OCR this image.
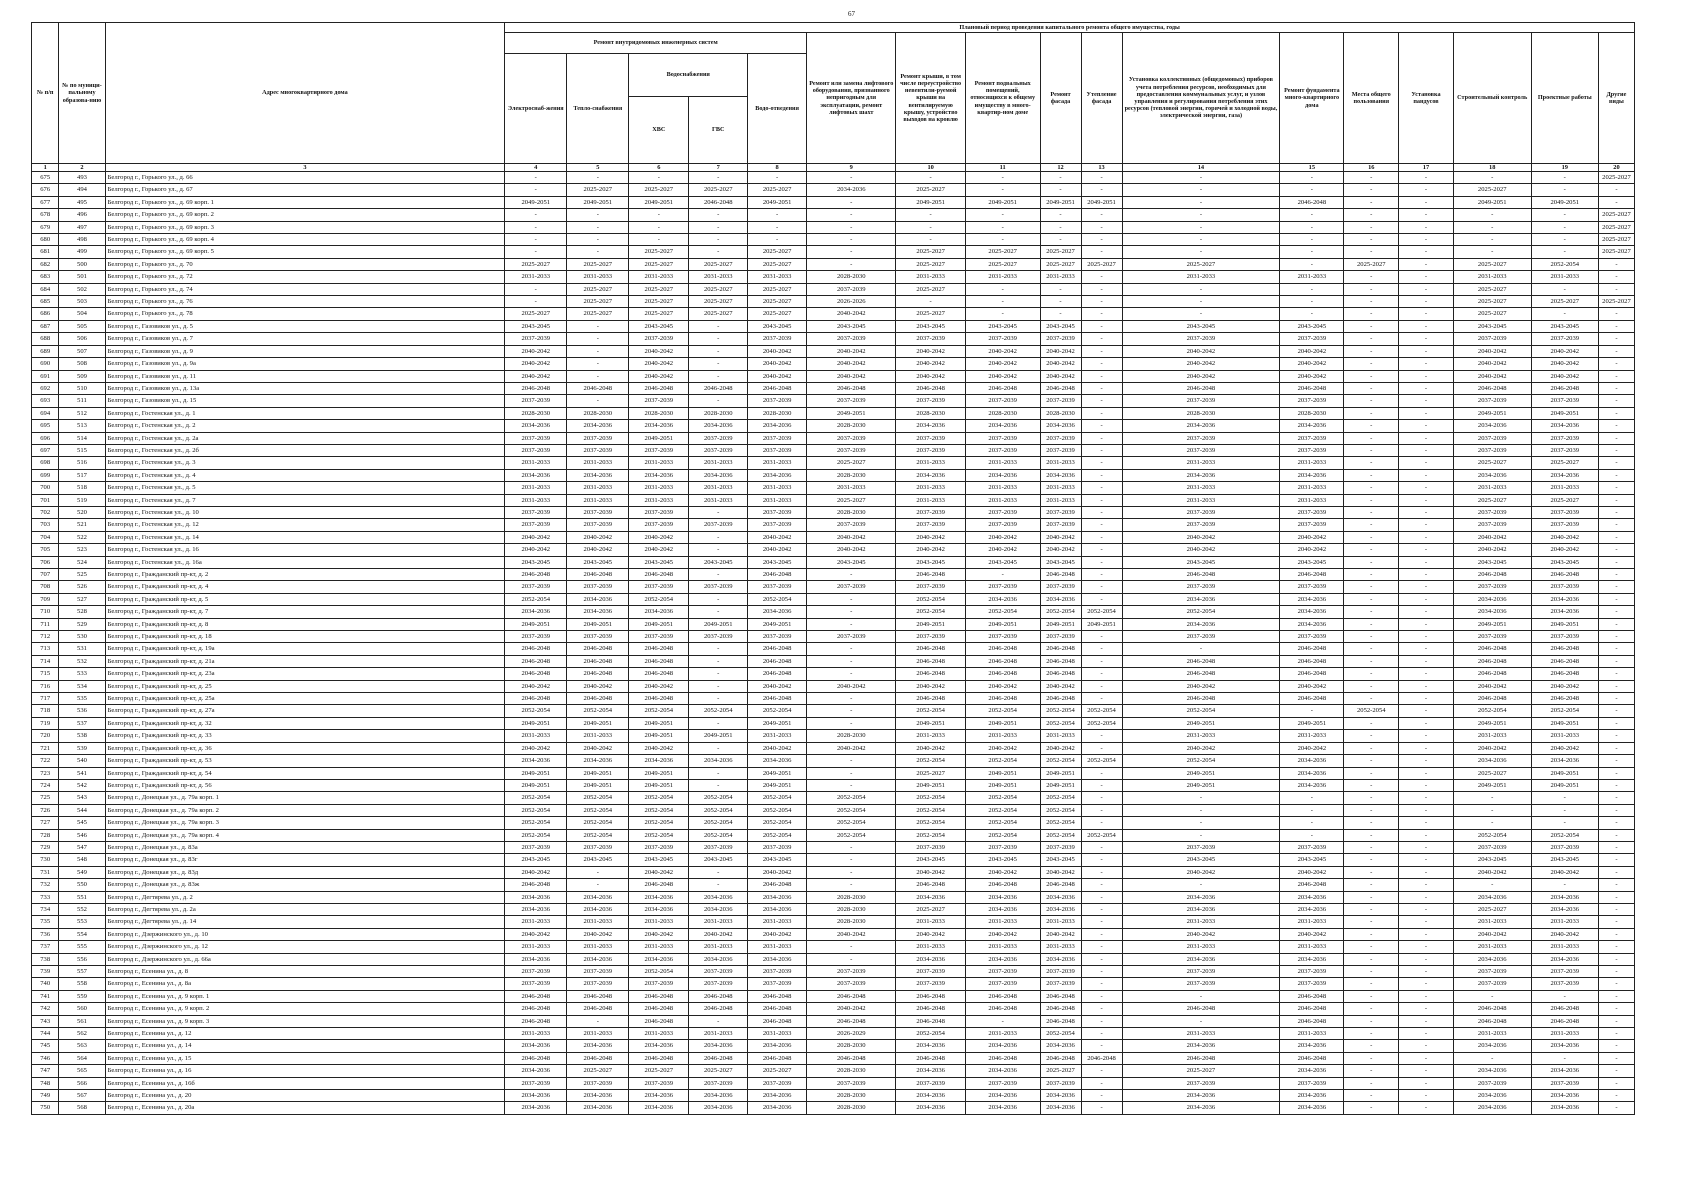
67
№ п/п	№ по муници-пальному образова-нию	Адрес многоквартирного дома	Плановый период проведения капитального ремонта общего имущества, годы																
			Ремонт внутридомовых инженерных систем					Ремонт или замена лифтового оборудования, признанного непригодным для эксплуатации, ремонт лифтовых шахт	Ремонт крыши, в том числе переустройство невентили-руемой крыши на вентилируемую крышу, устройство выходов на кровлю	Ремонт подвальных помещений, относящихся к общему имуществу в много-квартир-ном доме	Ремонт фасада	Утепление фасада	Установка коллективных (общедомовых) приборов учета потребления ресурсов, необходимых для предоставления коммунальных услуг, и узлов управления и регулирования потребления этих ресурсов (тепловой энергии, горячей и холодной воды, электрической энергии, газа)	Ремонт фундамента много-квартирного дома	Места общего пользования	Установка пандусов	Строительный контроль	Проектные работы	Другие виды
			Электроснаб-жения	Тепло-снабжения	Водоснабжения		Водо-отведения												
					ХВС	ГВС													
1	2	3	4	5	6	7	8	9	10	11	12	13	14	15	16	17	18	19	20
675	493	Белгород г., Горького ул., д. 66	-	-	-	-	-	-	-	-	-	-	-	-	-	-	-	-	2025-2027
676	494	Белгород г., Горького ул., д. 67	-	2025-2027	2025-2027	2025-2027	2025-2027	2034-2036	2025-2027	-	-	-	-	-	-	-	2025-2027	-	-
677	495	Белгород г., Горького ул., д. 69 корп. 1	2049-2051	2049-2051	2049-2051	2046-2048	2049-2051	-	2049-2051	2049-2051	2049-2051	2049-2051	-	2046-2048	-	-	2049-2051	2049-2051	-
678	496	Белгород г., Горького ул., д. 69 корп. 2	-	-	-	-	-	-	-	-	-	-	-	-	-	-	-	-	2025-2027
679	497	Белгород г., Горького ул., д. 69 корп. 3	-	-	-	-	-	-	-	-	-	-	-	-	-	-	-	-	2025-2027
680	498	Белгород г., Горького ул., д. 69 корп. 4	-	-	-	-	-	-	-	-	-	-	-	-	-	-	-	-	2025-2027
681	499	Белгород г., Горького ул., д. 69 корп. 5	-	-	2025-2027	-	2025-2027	-	2025-2027	2025-2027	2025-2027	-	-	-	-	-	-	-	2025-2027
682	500	Белгород г., Горького ул., д. 70	2025-2027	2025-2027	2025-2027	2025-2027	2025-2027	-	2025-2027	2025-2027	2025-2027	2025-2027	2025-2027	-	2025-2027	-	2025-2027	2052-2054	-
683	501	Белгород г., Горького ул., д. 72	2031-2033	2031-2033	2031-2033	2031-2033	2031-2033	2028-2030	2031-2033	2031-2033	2031-2033	-	2031-2033	2031-2033	-	-	2031-2033	2031-2033	-
684	502	Белгород г., Горького ул., д. 74	-	2025-2027	2025-2027	2025-2027	2025-2027	2037-2039	2025-2027	-	-	-	-	-	-	-	2025-2027	-	-
685	503	Белгород г., Горького ул., д. 76	-	2025-2027	2025-2027	2025-2027	2025-2027	2026-2026	-	-	-	-	-	-	-	-	2025-2027	2025-2027	2025-2027
686	504	Белгород г., Горького ул., д. 78	2025-2027	2025-2027	2025-2027	2025-2027	2025-2027	2040-2042	2025-2027	-	-	-	-	-	-	-	2025-2027	-	-
687	505	Белгород г., Газовиков ул., д. 5	2043-2045	-	2043-2045	-	2043-2045	2043-2045	2043-2045	2043-2045	2043-2045	-	2043-2045	2043-2045	-	-	2043-2045	2043-2045	-
688	506	Белгород г., Газовиков ул., д. 7	2037-2039	-	2037-2039	-	2037-2039	2037-2039	2037-2039	2037-2039	2037-2039	-	2037-2039	2037-2039	-	-	2037-2039	2037-2039	-
689	507	Белгород г., Газовиков ул., д. 9	2040-2042	-	2040-2042	-	2040-2042	2040-2042	2040-2042	2040-2042	2040-2042	-	2040-2042	2040-2042	-	-	2040-2042	2040-2042	-
690	508	Белгород г., Газовиков ул., д. 9а	2040-2042	-	2040-2042	-	2040-2042	2040-2042	2040-2042	2040-2042	2040-2042	-	2040-2042	2040-2042	-	-	2040-2042	2040-2042	-
691	509	Белгород г., Газовиков ул., д. 11	2040-2042	-	2040-2042	-	2040-2042	2040-2042	2040-2042	2040-2042	2040-2042	-	2040-2042	2040-2042	-	-	2040-2042	2040-2042	-
692	510	Белгород г., Газовиков ул., д. 13а	2046-2048	2046-2048	2046-2048	2046-2048	2046-2048	2046-2048	2046-2048	2046-2048	2046-2048	-	2046-2048	2046-2048	-	-	2046-2048	2046-2048	-
693	511	Белгород г., Газовиков ул., д. 15	2037-2039	-	2037-2039	-	2037-2039	2037-2039	2037-2039	2037-2039	2037-2039	-	2037-2039	2037-2039	-	-	2037-2039	2037-2039	-
694	512	Белгород г., Гостенская ул., д. 1	2028-2030	2028-2030	2028-2030	2028-2030	2028-2030	2049-2051	2028-2030	2028-2030	2028-2030	-	2028-2030	2028-2030	-	-	2049-2051	2049-2051	-
695	513	Белгород г., Гостенская ул., д. 2	2034-2036	2034-2036	2034-2036	2034-2036	2034-2036	2028-2030	2034-2036	2034-2036	2034-2036	-	2034-2036	2034-2036	-	-	2034-2036	2034-2036	-
696	514	Белгород г., Гостенская ул., д. 2а	2037-2039	2037-2039	2049-2051	2037-2039	2037-2039	2037-2039	2037-2039	2037-2039	2037-2039	-	2037-2039	2037-2039	-	-	2037-2039	2037-2039	-
697	515	Белгород г., Гостенская ул., д. 2б	2037-2039	2037-2039	2037-2039	2037-2039	2037-2039	2037-2039	2037-2039	2037-2039	2037-2039	-	2037-2039	2037-2039	-	-	2037-2039	2037-2039	-
698	516	Белгород г., Гостенская ул., д. 3	2031-2033	2031-2033	2031-2033	2031-2033	2031-2033	2025-2027	2031-2033	2031-2033	2031-2033	-	2031-2033	2031-2033	-	-	2025-2027	2025-2027	-
699	517	Белгород г., Гостенская ул., д. 4	2034-2036	2034-2036	2034-2036	2034-2036	2034-2036	2028-2030	2034-2036	2034-2036	2034-2036	-	2034-2036	2034-2036	-	-	2034-2036	2034-2036	-
700	518	Белгород г., Гостенская ул., д. 5	2031-2033	2031-2033	2031-2033	2031-2033	2031-2033	2031-2033	2031-2033	2031-2033	2031-2033	-	2031-2033	2031-2033	-	-	2031-2033	2031-2033	-
701	519	Белгород г., Гостенская ул., д. 7	2031-2033	2031-2033	2031-2033	2031-2033	2031-2033	2025-2027	2031-2033	2031-2033	2031-2033	-	2031-2033	2031-2033	-	-	2025-2027	2025-2027	-
702	520	Белгород г., Гостенская ул., д. 10	2037-2039	2037-2039	2037-2039	-	2037-2039	2028-2030	2037-2039	2037-2039	2037-2039	-	2037-2039	2037-2039	-	-	2037-2039	2037-2039	-
703	521	Белгород г., Гостенская ул., д. 12	2037-2039	2037-2039	2037-2039	2037-2039	2037-2039	2037-2039	2037-2039	2037-2039	2037-2039	-	2037-2039	2037-2039	-	-	2037-2039	2037-2039	-
704	522	Белгород г., Гостенская ул., д. 14	2040-2042	2040-2042	2040-2042	-	2040-2042	2040-2042	2040-2042	2040-2042	2040-2042	-	2040-2042	2040-2042	-	-	2040-2042	2040-2042	-
705	523	Белгород г., Гостенская ул., д. 16	2040-2042	2040-2042	2040-2042	-	2040-2042	2040-2042	2040-2042	2040-2042	2040-2042	-	2040-2042	2040-2042	-	-	2040-2042	2040-2042	-
706	524	Белгород г., Гостенская ул., д. 16а	2043-2045	2043-2045	2043-2045	2043-2045	2043-2045	2043-2045	2043-2045	2043-2045	2043-2045	-	2043-2045	2043-2045	-	-	2043-2045	2043-2045	-
707	525	Белгород г., Гражданский пр-кт, д. 2	2046-2048	2046-2048	2046-2048	-	2046-2048	-	2046-2048	-	2046-2048	-	2046-2048	2046-2048	-	-	2046-2048	2046-2048	-
708	526	Белгород г., Гражданский пр-кт, д. 4	2037-2039	2037-2039	2037-2039	2037-2039	2037-2039	2037-2039	2037-2039	2037-2039	2037-2039	-	2037-2039	2037-2039	-	-	2037-2039	2037-2039	-
709	527	Белгород г., Гражданский пр-кт, д. 5	2052-2054	2034-2036	2052-2054	-	2052-2054	-	2052-2054	2034-2036	2034-2036	-	2034-2036	2034-2036	-	-	2034-2036	2034-2036	-
710	528	Белгород г., Гражданский пр-кт, д. 7	2034-2036	2034-2036	2034-2036	-	2034-2036	-	2052-2054	2052-2054	2052-2054	2052-2054	2052-2054	2034-2036	-	-	2034-2036	2034-2036	-
711	529	Белгород г., Гражданский пр-кт, д. 8	2049-2051	2049-2051	2049-2051	2049-2051	2049-2051	-	2049-2051	2049-2051	2049-2051	2049-2051	2034-2036	2034-2036	-	-	2049-2051	2049-2051	-
712	530	Белгород г., Гражданский пр-кт, д. 18	2037-2039	2037-2039	2037-2039	2037-2039	2037-2039	2037-2039	2037-2039	2037-2039	2037-2039	-	2037-2039	2037-2039	-	-	2037-2039	2037-2039	-
713	531	Белгород г., Гражданский пр-кт, д. 19а	2046-2048	2046-2048	2046-2048	-	2046-2048	-	2046-2048	2046-2048	2046-2048	-	-	2046-2048	-	-	2046-2048	2046-2048	-
714	532	Белгород г., Гражданский пр-кт, д. 21а	2046-2048	2046-2048	2046-2048	-	2046-2048	-	2046-2048	2046-2048	2046-2048	-	2046-2048	2046-2048	-	-	2046-2048	2046-2048	-
715	533	Белгород г., Гражданский пр-кт, д. 23а	2046-2048	2046-2048	2046-2048	-	2046-2048	-	2046-2048	2046-2048	2046-2048	-	2046-2048	2046-2048	-	-	2046-2048	2046-2048	-
716	534	Белгород г., Гражданский пр-кт, д. 25	2040-2042	2040-2042	2040-2042	-	2040-2042	2040-2042	2040-2042	2040-2042	2040-2042	-	2040-2042	2040-2042	-	-	2040-2042	2040-2042	-
717	535	Белгород г., Гражданский пр-кт, д. 25а	2046-2048	2046-2048	2046-2048	-	2046-2048	-	2046-2048	2046-2048	2046-2048	-	2046-2048	2046-2048	-	-	2046-2048	2046-2048	-
718	536	Белгород г., Гражданский пр-кт, д. 27а	2052-2054	2052-2054	2052-2054	2052-2054	2052-2054	-	2052-2054	2052-2054	2052-2054	2052-2054	2052-2054	-	2052-2054	-	2052-2054	2052-2054	-
719	537	Белгород г., Гражданский пр-кт, д. 32	2049-2051	2049-2051	2049-2051	-	2049-2051	-	2049-2051	2049-2051	2052-2054	2052-2054	2049-2051	2049-2051	-	-	2049-2051	2049-2051	-
720	538	Белгород г., Гражданский пр-кт, д. 33	2031-2033	2031-2033	2049-2051	2049-2051	2031-2033	2028-2030	2031-2033	2031-2033	2031-2033	-	2031-2033	2031-2033	-	-	2031-2033	2031-2033	-
721	539	Белгород г., Гражданский пр-кт, д. 36	2040-2042	2040-2042	2040-2042	-	2040-2042	2040-2042	2040-2042	2040-2042	2040-2042	-	2040-2042	2040-2042	-	-	2040-2042	2040-2042	-
722	540	Белгород г., Гражданский пр-кт, д. 53	2034-2036	2034-2036	2034-2036	2034-2036	2034-2036	-	2052-2054	2052-2054	2052-2054	2052-2054	2052-2054	2034-2036	-	-	2034-2036	2034-2036	-
723	541	Белгород г., Гражданский пр-кт, д. 54	2049-2051	2049-2051	2049-2051	-	2049-2051	-	2025-2027	2049-2051	2049-2051	-	2049-2051	2034-2036	-	-	2025-2027	2049-2051	-
724	542	Белгород г., Гражданский пр-кт, д. 56	2049-2051	2049-2051	2049-2051	-	2049-2051	-	2049-2051	2049-2051	2049-2051	-	2049-2051	2034-2036	-	-	2049-2051	2049-2051	-
725	543	Белгород г., Донецкая ул., д. 79а корп. 1	2052-2054	2052-2054	2052-2054	2052-2054	2052-2054	2052-2054	2052-2054	2052-2054	2052-2054	-	-	-	-	-	-	-	-
726	544	Белгород г., Донецкая ул., д. 79а корп. 2	2052-2054	2052-2054	2052-2054	2052-2054	2052-2054	2052-2054	2052-2054	2052-2054	2052-2054	-	-	-	-	-	-	-	-
727	545	Белгород г., Донецкая ул., д. 79а корп. 3	2052-2054	2052-2054	2052-2054	2052-2054	2052-2054	2052-2054	2052-2054	2052-2054	2052-2054	-	-	-	-	-	-	-	-
728	546	Белгород г., Донецкая ул., д. 79а корп. 4	2052-2054	2052-2054	2052-2054	2052-2054	2052-2054	2052-2054	2052-2054	2052-2054	2052-2054	2052-2054	-	-	-	-	2052-2054	2052-2054	-
729	547	Белгород г., Донецкая ул., д. 83а	2037-2039	2037-2039	2037-2039	2037-2039	2037-2039	-	2037-2039	2037-2039	2037-2039	-	2037-2039	2037-2039	-	-	2037-2039	2037-2039	-
730	548	Белгород г., Донецкая ул., д. 83г	2043-2045	2043-2045	2043-2045	2043-2045	2043-2045	-	2043-2045	2043-2045	2043-2045	-	2043-2045	2043-2045	-	-	2043-2045	2043-2045	-
731	549	Белгород г., Донецкая ул., д. 83д	2040-2042	-	2040-2042	-	2040-2042	-	2040-2042	2040-2042	2040-2042	-	2040-2042	2040-2042	-	-	2040-2042	2040-2042	-
732	550	Белгород г., Донецкая ул., д. 83ж	2046-2048	-	2046-2048	-	2046-2048	-	2046-2048	2046-2048	2046-2048	-	-	2046-2048	-	-	-	-	-
733	551	Белгород г., Дегтярева ул., д. 2	2034-2036	2034-2036	2034-2036	2034-2036	2034-2036	2028-2030	2034-2036	2034-2036	2034-2036	-	2034-2036	2034-2036	-	-	2034-2036	2034-2036	-
734	552	Белгород г., Дегтярева ул., д. 2а	2034-2036	2034-2036	2034-2036	2034-2036	2034-2036	2028-2030	2025-2027	2034-2036	2034-2036	-	2034-2036	2034-2036	-	-	2025-2027	2034-2036	-
735	553	Белгород г., Дегтярева ул., д. 14	2031-2033	2031-2033	2031-2033	2031-2033	2031-2033	2028-2030	2031-2033	2031-2033	2031-2033	-	2031-2033	2031-2033	-	-	2031-2033	2031-2033	-
736	554	Белгород г., Дзержинского ул., д. 10	2040-2042	2040-2042	2040-2042	2040-2042	2040-2042	2040-2042	2040-2042	2040-2042	2040-2042	-	2040-2042	2040-2042	-	-	2040-2042	2040-2042	-
737	555	Белгород г., Дзержинского ул., д. 12	2031-2033	2031-2033	2031-2033	2031-2033	2031-2033	-	2031-2033	2031-2033	2031-2033	-	2031-2033	2031-2033	-	-	2031-2033	2031-2033	-
738	556	Белгород г., Дзержинского ул., д. 66а	2034-2036	2034-2036	2034-2036	2034-2036	2034-2036	-	2034-2036	2034-2036	2034-2036	-	2034-2036	2034-2036	-	-	2034-2036	2034-2036	-
739	557	Белгород г., Есенина ул., д. 8	2037-2039	2037-2039	2052-2054	2037-2039	2037-2039	2037-2039	2037-2039	2037-2039	2037-2039	-	2037-2039	2037-2039	-	-	2037-2039	2037-2039	-
740	558	Белгород г., Есенина ул., д. 8а	2037-2039	2037-2039	2037-2039	2037-2039	2037-2039	2037-2039	2037-2039	2037-2039	2037-2039	-	2037-2039	2037-2039	-	-	2037-2039	2037-2039	-
741	559	Белгород г., Есенина ул., д. 9 корп. 1	2046-2048	2046-2048	2046-2048	2046-2048	2046-2048	2046-2048	2046-2048	2046-2048	2046-2048	-	-	2046-2048	-	-	-	-	-
742	560	Белгород г., Есенина ул., д. 9 корп. 2	2046-2048	2046-2048	2046-2048	2046-2048	2046-2048	2040-2042	2046-2048	2046-2048	2046-2048	-	2046-2048	2046-2048	-	-	2046-2048	2046-2048	-
743	561	Белгород г., Есенина ул., д. 9 корп. 3	2046-2048	-	2046-2048	-	2046-2048	2046-2048	2046-2048	-	2046-2048	-	-	2046-2048	-	-	2046-2048	2046-2048	-
744	562	Белгород г., Есенина ул., д. 12	2031-2033	2031-2033	2031-2033	2031-2033	2031-2033	2026-2029	2052-2054	2031-2033	2052-2054	-	2031-2033	2031-2033	-	-	2031-2033	2031-2033	-
745	563	Белгород г., Есенина ул., д. 14	2034-2036	2034-2036	2034-2036	2034-2036	2034-2036	2028-2030	2034-2036	2034-2036	2034-2036	-	2034-2036	2034-2036	-	-	2034-2036	2034-2036	-
746	564	Белгород г., Есенина ул., д. 15	2046-2048	2046-2048	2046-2048	2046-2048	2046-2048	2046-2048	2046-2048	2046-2048	2046-2048	2046-2048	2046-2048	2046-2048	-	-	-	-	-
747	565	Белгород г., Есенина ул., д. 16	2034-2036	2025-2027	2025-2027	2025-2027	2025-2027	2028-2030	2034-2036	2034-2036	2025-2027	-	2025-2027	2034-2036	-	-	2034-2036	2034-2036	-
748	566	Белгород г., Есенина ул., д. 16б	2037-2039	2037-2039	2037-2039	2037-2039	2037-2039	2037-2039	2037-2039	2037-2039	2037-2039	-	2037-2039	2037-2039	-	-	2037-2039	2037-2039	-
749	567	Белгород г., Есенина ул., д. 20	2034-2036	2034-2036	2034-2036	2034-2036	2034-2036	2028-2030	2034-2036	2034-2036	2034-2036	-	2034-2036	2034-2036	-	-	2034-2036	2034-2036	-
750	568	Белгород г., Есенина ул., д. 20а	2034-2036	2034-2036	2034-2036	2034-2036	2034-2036	2028-2030	2034-2036	2034-2036	2034-2036	-	2034-2036	2034-2036	-	-	2034-2036	2034-2036	-
